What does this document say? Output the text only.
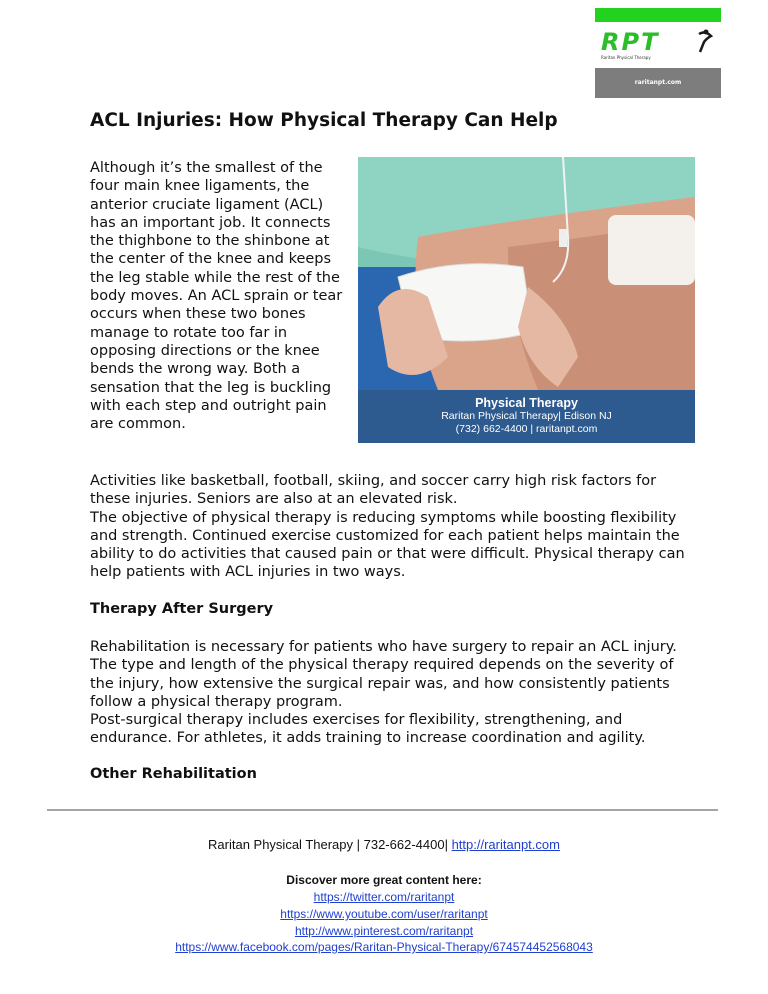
RPT
Raritan Physical Therapy
raritanpt.com
ACL Injuries: How Physical Therapy Can Help

Although it’s the smallest of the four main knee ligaments, the anterior cruciate ligament (ACL) has an important job. It connects the thighbone to the shinbone at the center of the knee and keeps the leg stable while the rest of the body moves. An ACL sprain or tear occurs when these two bones manage to rotate too far in opposing directions or the knee bends the wrong way. Both a sensation that the leg is buckling with each step and outright pain are common.

Physical Therapy
Raritan Physical Therapy| Edison NJ
(732) 662-4400 | raritanpt.com
Activities like basketball, football, skiing, and soccer carry high risk factors for these injuries. Seniors are also at an elevated risk.
The objective of physical therapy is reducing symptoms while boosting flexibility and strength. Continued exercise customized for each patient helps maintain the ability to do activities that caused pain or that were difficult. Physical therapy can help patients with ACL injuries in two ways.
Therapy After Surgery
Rehabilitation is necessary for patients who have surgery to repair an ACL injury. The type and length of the physical therapy required depends on the severity of the injury, how extensive the surgical repair was, and how consistently patients follow a physical therapy program.
Post-surgical therapy includes exercises for flexibility, strengthening, and endurance. For athletes, it adds training to increase coordination and agility.
Other Rehabilitation
Raritan Physical Therapy | 732-662-4400| http://raritanpt.com
Discover more great content here:
https://twitter.com/raritanpt
https://www.youtube.com/user/raritanpt
http://www.pinterest.com/raritanpt
https://www.facebook.com/pages/Raritan-Physical-Therapy/674574452568043
